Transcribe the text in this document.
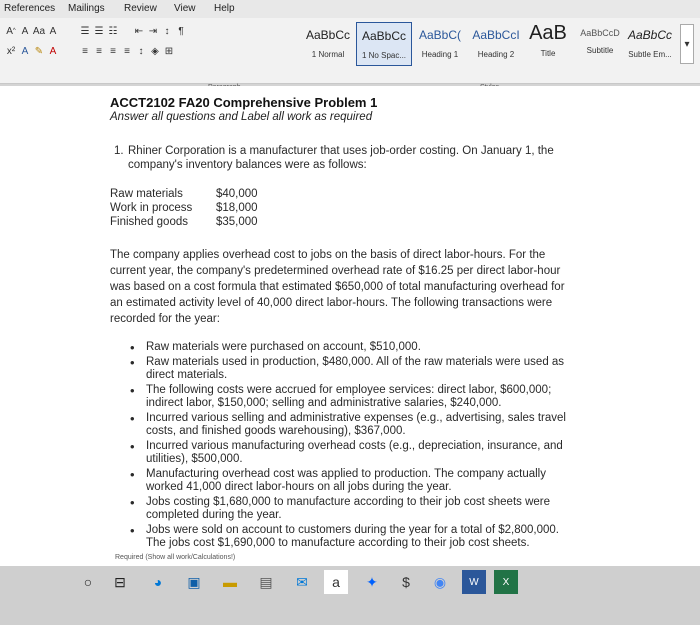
References Mailings Review View Help
A ^ A Aa A	☰ ☰ ☷ ⇤ ⇥ ↕ ¶
x² A ✎ A	≡ ≡ ≡ ≡ ↕ ◈ ⊞
AaBbCc
1 Normal
AaBbCc
1 No Spac...
AaBbC(
Heading 1
AaBbCcI
Heading 2
AaB
Title
AaBbCcD
Subtitle
AaBbCc
Subtle Em...
▾
ACCT2102 FA20 Comprehensive Problem 1
Answer all questions and Label all work as required
1. Rhiner Corporation is a manufacturer that uses job-order costing. On January 1, the company's inventory balances were as follows:
Raw materials	$40,000
Work in process	$18,000
Finished goods	$35,000
The company applies overhead cost to jobs on the basis of direct labor-hours. For the current year, the company's predetermined overhead rate of $16.25 per direct labor-hour was based on a cost formula that estimated $650,000 of total manufacturing overhead for an estimated activity level of 40,000 direct labor-hours. The following transactions were recorded for the year:
• Raw materials were purchased on account, $510,000.
• Raw materials used in production, $480,000. All of the raw materials were used as direct materials.
• The following costs were accrued for employee services: direct labor, $600,000; indirect labor, $150,000; selling and administrative salaries, $240,000.
• Incurred various selling and administrative expenses (e.g., advertising, sales travel costs, and finished goods warehousing), $367,000.
• Incurred various manufacturing overhead costs (e.g., depreciation, insurance, and utilities), $500,000.
• Manufacturing overhead cost was applied to production. The company actually worked 41,000 direct labor-hours on all jobs during the year.
• Jobs costing $1,680,000 to manufacture according to their job cost sheets were completed during the year.
• Jobs were sold on account to customers during the year for a total of $2,800,000. The jobs cost $1,690,000 to manufacture according to their job cost sheets.
Required (Show all work/Calculations!)
○	⊟	◕	▣	▬	▤	✉	a	✦	$	◉	W	X
